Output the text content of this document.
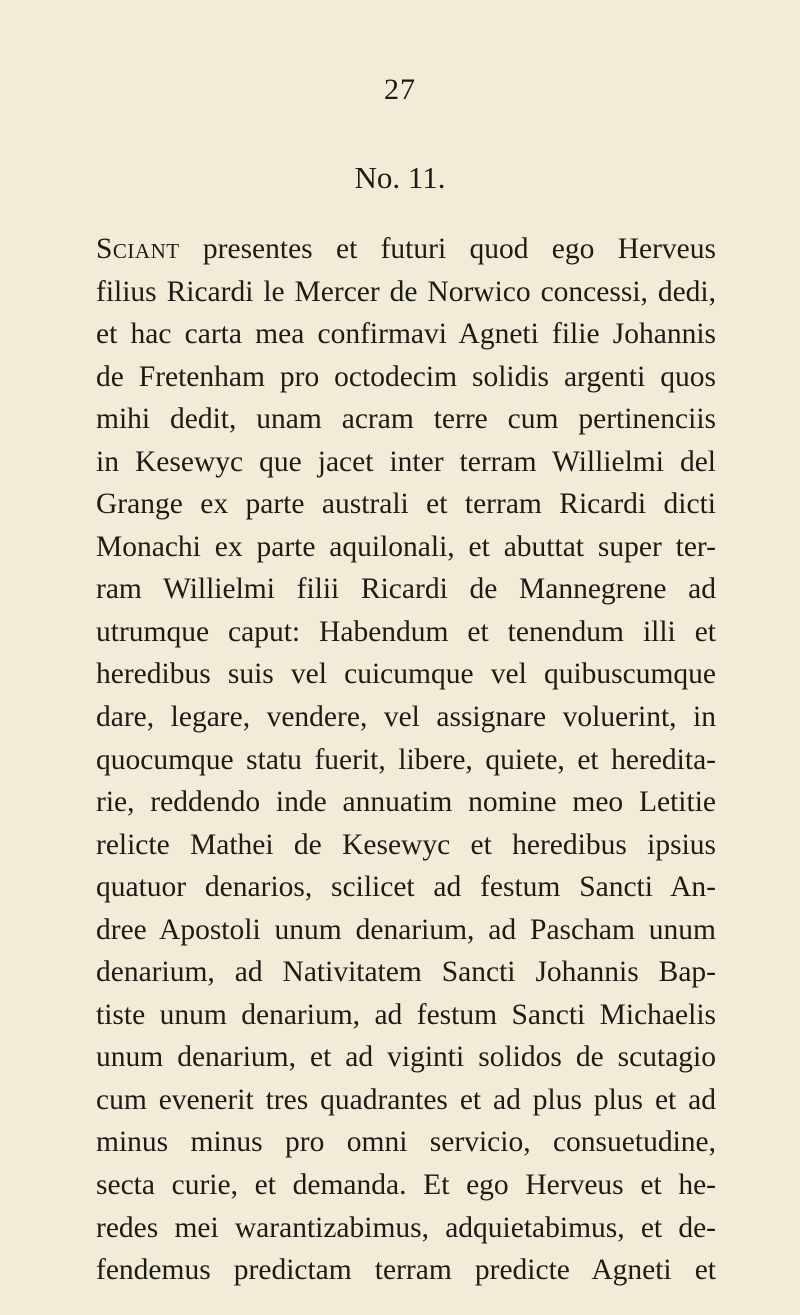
27
No. 11.
Sciant presentes et futuri quod ego Herveus
filius Ricardi le Mercer de Norwico concessi, dedi,
et hac carta mea confirmavi Agneti filie Johannis
de Fretenham pro octodecim solidis argenti quos
mihi dedit, unam acram terre cum pertinenciis
in Kesewyc que jacet inter terram Willielmi del
Grange ex parte australi et terram Ricardi dicti
Monachi ex parte aquilonali, et abuttat super ter-
ram Willielmi filii Ricardi de Mannegrene ad
utrumque caput: Habendum et tenendum illi et
heredibus suis vel cuicumque vel quibuscumque
dare, legare, vendere, vel assignare voluerint, in
quocumque statu fuerit, libere, quiete, et heredita-
rie, reddendo inde annuatim nomine meo Letitie
relicte Mathei de Kesewyc et heredibus ipsius
quatuor denarios, scilicet ad festum Sancti An-
dree Apostoli unum denarium, ad Pascham unum
denarium, ad Nativitatem Sancti Johannis Bap-
tiste unum denarium, ad festum Sancti Michaelis
unum denarium, et ad viginti solidos de scutagio
cum evenerit tres quadrantes et ad plus plus et ad
minus minus pro omni servicio, consuetudine,
secta curie, et demanda. Et ego Herveus et he-
redes mei warantizabimus, adquietabimus, et de-
fendemus predictam terram predicte Agneti et
